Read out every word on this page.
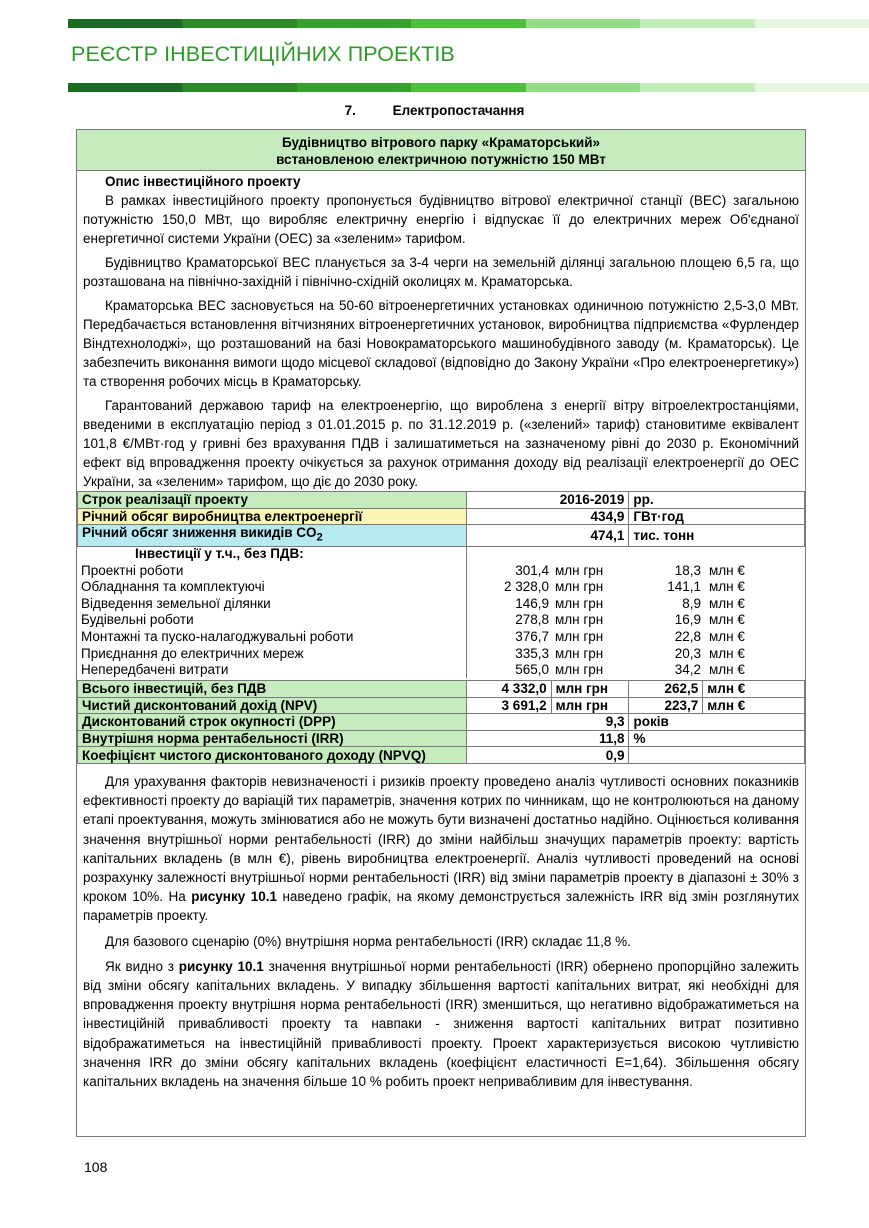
РЕЄСТР ІНВЕСТИЦІЙНИХ ПРОЕКТІВ
7.	Електропостачання
Будівництво вітрового парку «Краматорський»
встановленою електричною потужністю 150 МВт

Опис інвестиційного проекту

В рамках інвестиційного проекту пропонується будівництво вітрової електричної станції (ВЕС) загальною потужністю 150,0 МВт, що виробляє електричну енергію і відпускає її до електричних мереж Об'єднаної енергетичної системи України (ОЕС) за «зеленим» тарифом.

Будівництво Краматорської ВЕС планується за 3-4 черги на земельній ділянці загальною площею 6,5 га, що розташована на північно-західній і північно-східній околицях м. Краматорська.

Краматорська ВЕС засновується на 50-60 вітроенергетичних установках одиничною потужністю 2,5-3,0 МВт. Передбачається встановлення вітчизняних вітроенергетичних установок, виробництва підприємства «Фурлендер Віндтехнолоджі», що розташований на базі Новокраматорського машинобудівного заводу (м. Краматорськ). Це забезпечить виконання вимоги щодо місцевої складової (відповідно до Закону України «Про електроенергетику») та створення робочих місць в Краматорську.

Гарантований державою тариф на електроенергію, що вироблена з енергії вітру вітроелектростанціями, введеними в експлуатацію період з 01.01.2015 р. по 31.12.2019 р. («зелений» тариф) становитиме еквівалент 101,8 €/МВт·год у гривні без врахування ПДВ і залишатиметься на зазначеному рівні до 2030 р. Економічний ефект від впровадження проекту очікується за рахунок отримання доходу від реалізації електроенергії до ОЕС України, за «зеленим» тарифом, що діє до 2030 року.

Строк реалізації проекту	2016-2019	рр.
Річний обсяг виробництва електроенергії	434,9	ГВт·год
Річний обсяг зниження викидів $CO_2$	474,1	тис. тонн
Інвестиції у т.ч., без ПДВ:
Проектні роботи	301,4 млн грн	18,3 млн €
Обладнання та комплектуючі	2 328,0 млн грн	141,1 млн €
Відведення земельної ділянки	146,9 млн грн	8,9 млн €
Будівельні роботи	278,8 млн грн	16,9 млн €
Монтажні та пуско-налагоджувальні роботи	376,7 млн грн	22,8 млн €
Приєднання до електричних мереж	335,3 млн грн	20,3 млн €
Непередбачені витрати	565,0 млн грн	34,2 млн €
Всього інвестицій, без ПДВ	4 332,0	млн грн	262,5	млн €
Чистий дисконтований дохід (NPV)	3 691,2	млн грн	223,7	млн €
Дисконтований строк окупності (DPP)	9,3		років	
Внутрішня норма рентабельності (IRR)	11,8		%	
Коефіцієнт чистого дисконтованого доходу (NPVQ)	0,9			

Для урахування факторів невизначеності і ризиків проекту проведено аналіз чутливості основних показників ефективності проекту до варіацій тих параметрів, значення котрих по чинникам, що не контролюються на даному етапі проектування, можуть змінюватися або не можуть бути визначені достатньо надійно. Оцінюється коливання значення внутрішньої норми рентабельності (IRR) до зміни найбільш значущих параметрів проекту: вартість капітальних вкладень (в млн €), рівень виробництва електроенергії. Аналіз чутливості проведений на основі розрахунку залежності внутрішньої норми рентабельності (IRR) від зміни параметрів проекту в діапазоні ± 30% з кроком 10%. На рисунку 10.1 наведено графік, на якому демонструється залежність IRR від змін розглянутих параметрів проекту.

Для базового сценарію (0%) внутрішня норма рентабельності (IRR) складає 11,8 %.

Як видно з рисунку 10.1 значення внутрішньої норми рентабельності (IRR) обернено пропорційно залежить від зміни обсягу капітальних вкладень. У випадку збільшення вартості капітальних витрат, які необхідні для впровадження проекту внутрішня норма рентабельності (IRR) зменшиться, що негативно відображатиметься на інвестиційній привабливості проекту та навпаки - зниження вартості капітальних витрат позитивно відображатиметься на інвестиційній привабливості проекту. Проект характеризується високою чутливістю значення IRR до зміни обсягу капітальних вкладень (коефіцієнт еластичності Е=1,64). Збільшення обсягу капітальних вкладень на значення більше 10 % робить проект непривабливим для інвестування.

108
